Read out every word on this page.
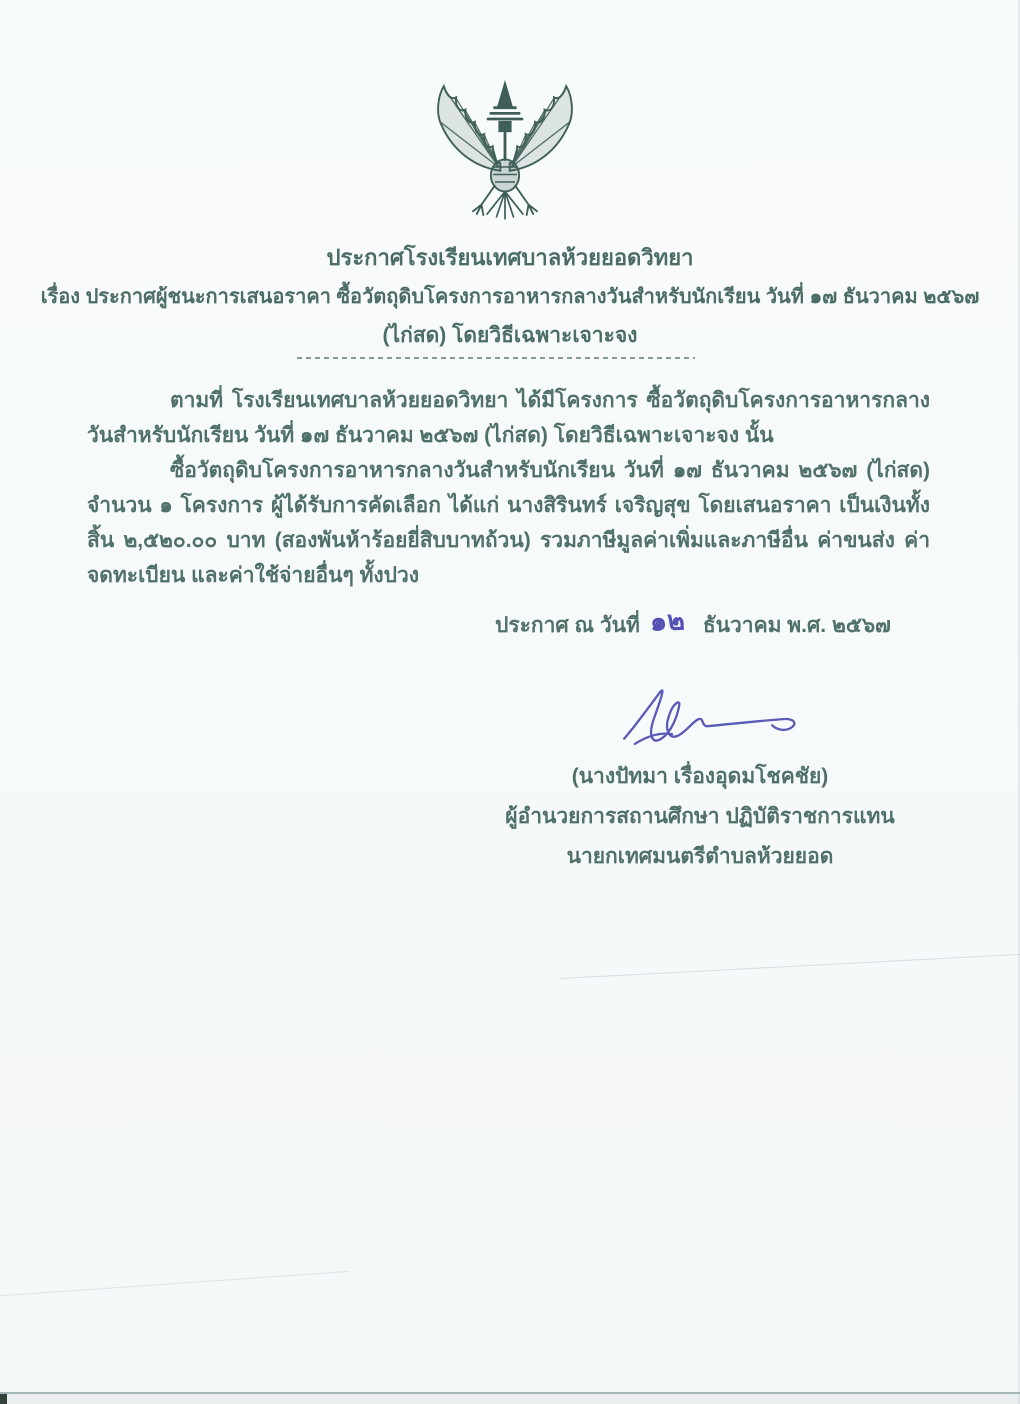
ประกาศโรงเรียนเทศบาลห้วยยอดวิทยา
เรื่อง ประกาศผู้ชนะการเสนอราคา ซื้อวัตถุดิบโครงการอาหารกลางวันสำหรับนักเรียน วันที่ ๑๗ ธันวาคม ๒๕๖๗
(ไก่สด) โดยวิธีเฉพาะเจาะจง

ตามที่ โรงเรียนเทศบาลห้วยยอดวิทยา ได้มีโครงการ ซื้อวัตถุดิบโครงการอาหารกลางวันสำหรับนักเรียน วันที่ ๑๗ ธันวาคม ๒๕๖๗ (ไก่สด) โดยวิธีเฉพาะเจาะจง นั้น

ซื้อวัตถุดิบโครงการอาหารกลางวันสำหรับนักเรียน วันที่ ๑๗ ธันวาคม ๒๕๖๗ (ไก่สด) จำนวน ๑ โครงการ ผู้ได้รับการคัดเลือก ได้แก่ นางสิรินทร์ เจริญสุข โดยเสนอราคา เป็นเงินทั้งสิ้น ๒,๕๒๐.๐๐ บาท (สองพันห้าร้อยยี่สิบบาทถ้วน) รวมภาษีมูลค่าเพิ่มและภาษีอื่น ค่าขนส่ง ค่าจดทะเบียน และค่าใช้จ่ายอื่นๆ ทั้งปวง

ประกาศ ณ วันที่ ๑๒ ธันวาคม พ.ศ. ๒๕๖๗
(นางปัทมา เรื่องอุดมโชคชัย)
ผู้อำนวยการสถานศึกษา ปฏิบัติราชการแทน
นายกเทศมนตรีตำบลห้วยยอด
